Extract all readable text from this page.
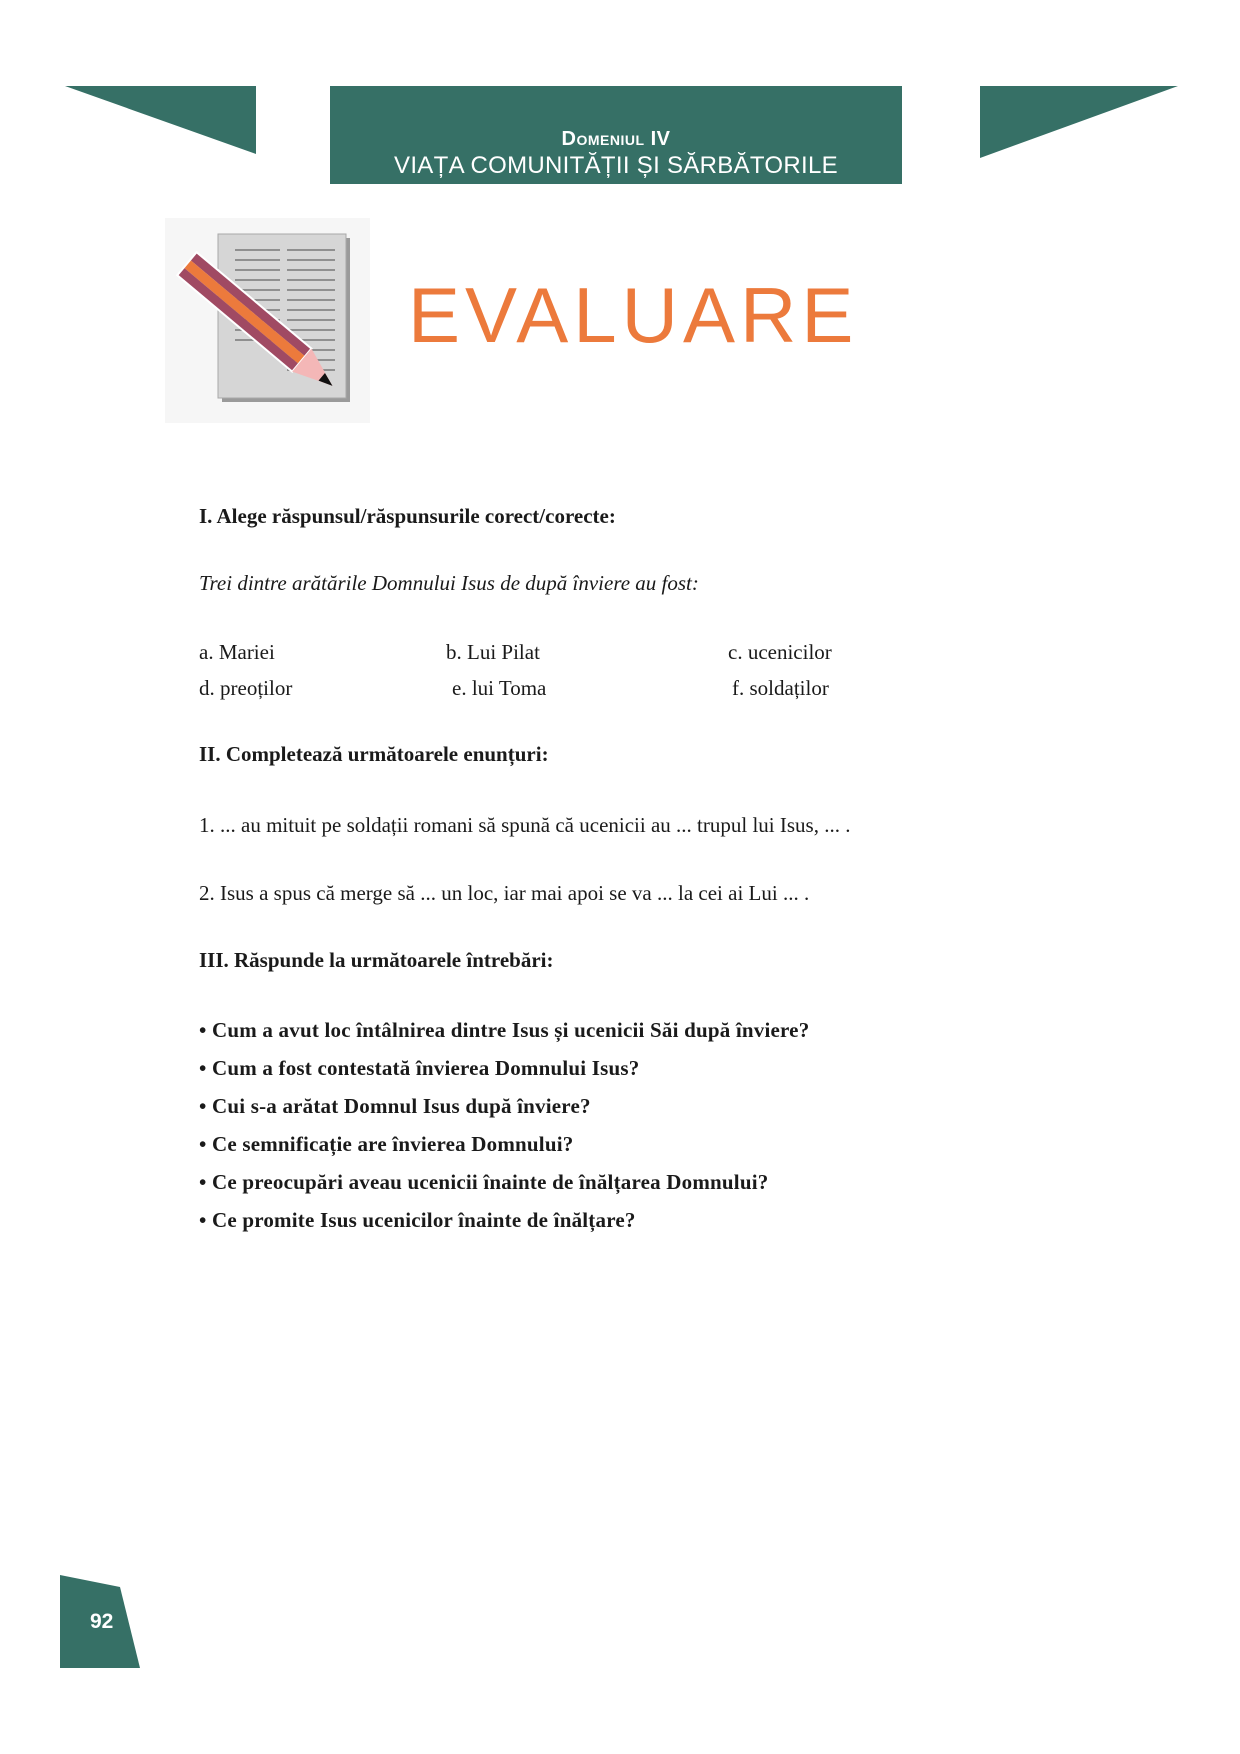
Domeniul IV
VIAȚA COMUNITĂȚII ȘI SĂRBĂTORILE CREȘTINE
EVALUARE
I. Alege răspunsul/răspunsurile corect/corecte:
Trei dintre arătările Domnului Isus de după înviere au fost:
a. Mariei	b. Lui Pilat	c. ucenicilor
d. preoților	e. lui Toma	f. soldaților
II. Completează următoarele enunțuri:
1. ... au mituit pe soldații romani să spună că ucenicii au ... trupul lui Isus, ... .
2. Isus a spus că merge să ... un loc, iar mai apoi se va ... la cei ai Lui ... .
III. Răspunde la următoarele întrebări:
• Cum a avut loc întâlnirea dintre Isus și ucenicii Săi după înviere?
• Cum a fost contestată învierea Domnului Isus?
• Cui s-a arătat Domnul Isus după înviere?
• Ce semnificație are învierea Domnului?
• Ce preocupări aveau ucenicii înainte de înălțarea Domnului?
• Ce promite Isus ucenicilor înainte de înălțare?
92
